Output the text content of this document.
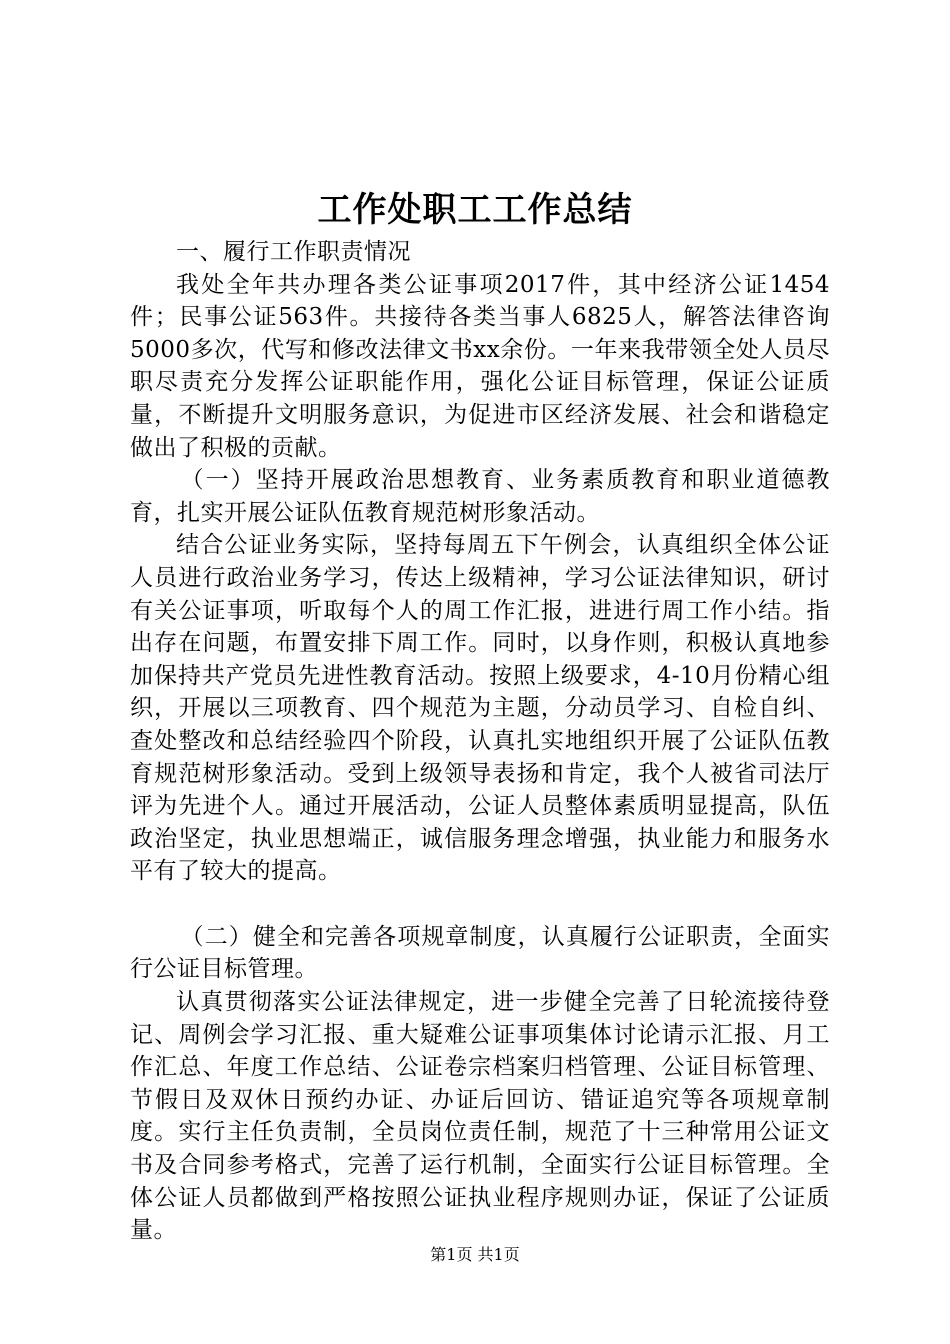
工作处职工工作总结

一、履行工作职责情况

我处全年共办理各类公证事项2017件，其中经济公证1454件；民事公证563件。共接待各类当事人6825人，解答法律咨询5000多次，代写和修改法律文书xx余份。一年来我带领全处人员尽职尽责充分发挥公证职能作用，强化公证目标管理，保证公证质量，不断提升文明服务意识，为促进市区经济发展、社会和谐稳定做出了积极的贡献。

（一）坚持开展政治思想教育、业务素质教育和职业道德教育，扎实开展公证队伍教育规范树形象活动。

结合公证业务实际，坚持每周五下午例会，认真组织全体公证人员进行政治业务学习，传达上级精神，学习公证法律知识，研讨有关公证事项，听取每个人的周工作汇报，进进行周工作小结。指出存在问题，布置安排下周工作。同时，以身作则，积极认真地参加保持共产党员先进性教育活动。按照上级要求，4-10月份精心组织，开展以三项教育、四个规范为主题，分动员学习、自检自纠、查处整改和总结经验四个阶段，认真扎实地组织开展了公证队伍教育规范树形象活动。受到上级领导表扬和肯定，我个人被省司法厅评为先进个人。通过开展活动，公证人员整体素质明显提高，队伍政治坚定，执业思想端正，诚信服务理念增强，执业能力和服务水平有了较大的提高。

（二）健全和完善各项规章制度，认真履行公证职责，全面实行公证目标管理。

认真贯彻落实公证法律规定，进一步健全完善了日轮流接待登记、周例会学习汇报、重大疑难公证事项集体讨论请示汇报、月工作汇总、年度工作总结、公证卷宗档案归档管理、公证目标管理、节假日及双休日预约办证、办证后回访、错证追究等各项规章制度。实行主任负责制，全员岗位责任制，规范了十三种常用公证文书及合同参考格式，完善了运行机制，全面实行公证目标管理。全体公证人员都做到严格按照公证执业程序规则办证，保证了公证质量。

第1页 共1页
